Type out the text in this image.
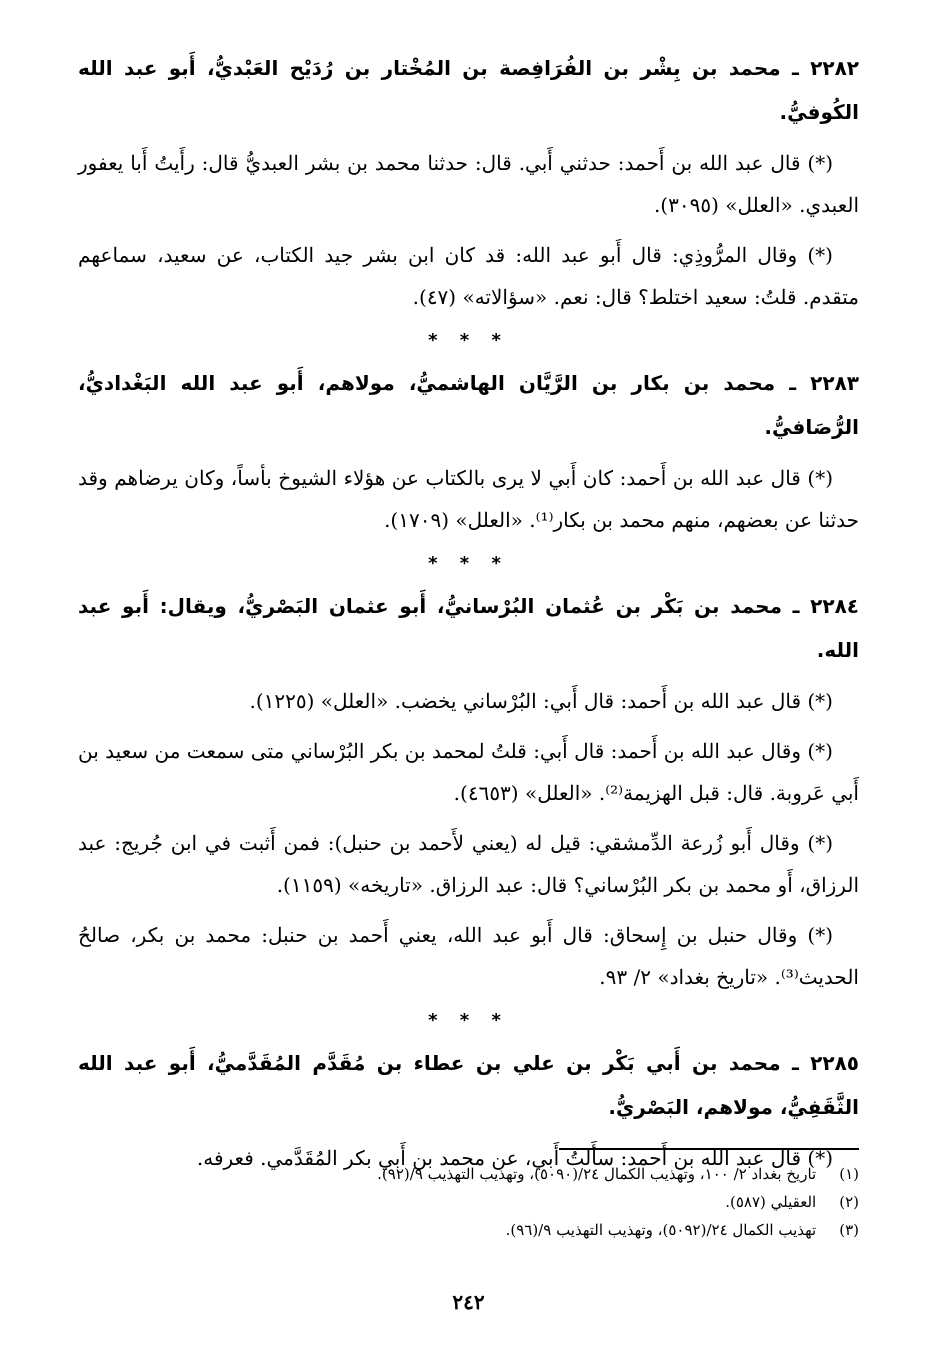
٢٢٨٢ ـ محمد بن بِشْر بن الفُرَافِصة بن المُخْتار بن رُدَيْح العَبْديُّ، أَبو عبد الله الكُوفيُّ.

(*) قال عبد الله بن أَحمد: حدثني أَبي. قال: حدثنا محمد بن بشر العبديُّ قال: رأَيتُ أَبا يعفور العبدي. «العلل» (٣٠٩٥).

(*) وقال المرُّوذِي: قال أَبو عبد الله: قد كان ابن بشر جيد الكتاب، عن سعيد، سماعهم متقدم. قلتُ: سعيد اختلط؟ قال: نعم. «سؤالاته» (٤٧).

* * *

٢٢٨٣ ـ محمد بن بكار بن الرَّيَّان الهاشميُّ، مولاهم، أَبو عبد الله البَغْداديُّ، الرُّصَافيُّ.

(*) قال عبد الله بن أَحمد: كان أَبي لا يرى بالكتاب عن هؤلاء الشيوخ بأساً، وكان يرضاهم وقد حدثنا عن بعضهم، منهم محمد بن بكار⁽¹⁾. «العلل» (١٧٠٩).

* * *

٢٢٨٤ ـ محمد بن بَكْر بن عُثمان البُرْسانيُّ، أَبو عثمان البَصْريُّ، ويقال: أَبو عبد الله.

(*) قال عبد الله بن أَحمد: قال أَبي: البُرْساني يخضب. «العلل» (١٢٢٥).

(*) وقال عبد الله بن أَحمد: قال أَبي: قلتُ لمحمد بن بكر البُرْساني متى سمعت من سعيد بن أَبي عَروبة. قال: قبل الهزيمة⁽²⁾. «العلل» (٤٦٥٣).

(*) وقال أَبو زُرعة الدِّمشقي: قيل له (يعني لأَحمد بن حنبل): فمن أَثبت في ابن جُريج: عبد الرزاق، أَو محمد بن بكر البُرْساني؟ قال: عبد الرزاق. «تاريخه» (١١٥٩).

(*) وقال حنبل بن إِسحاق: قال أَبو عبد الله، يعني أَحمد بن حنبل: محمد بن بكر، صالحُ الحديث⁽³⁾. «تاريخ بغداد» ٢/ ٩٣.

* * *

٢٢٨٥ ـ محمد بن أَبي بَكْر بن علي بن عطاء بن مُقَدَّم المُقَدَّميُّ، أَبو عبد الله الثَّقَفِيُّ، مولاهم، البَصْريُّ.

(*) قال عبد الله بن أَحمد: سأَلتُ أَبي، عن محمد بن أَبي بكر المُقَدَّمي. فعرفه.

(١) تاريخ بغداد ٢/ ١٠٠، وتهذيب الكمال ٢٤/(٥٠٩٠)، وتهذيب التهذيب ٩/(٩٢).

(٢) العقيلي (٥٨٧).

(٣) تهذيب الكمال ٢٤/(٥٠٩٢)، وتهذيب التهذيب ٩/(٩٦).

٢٤٢
